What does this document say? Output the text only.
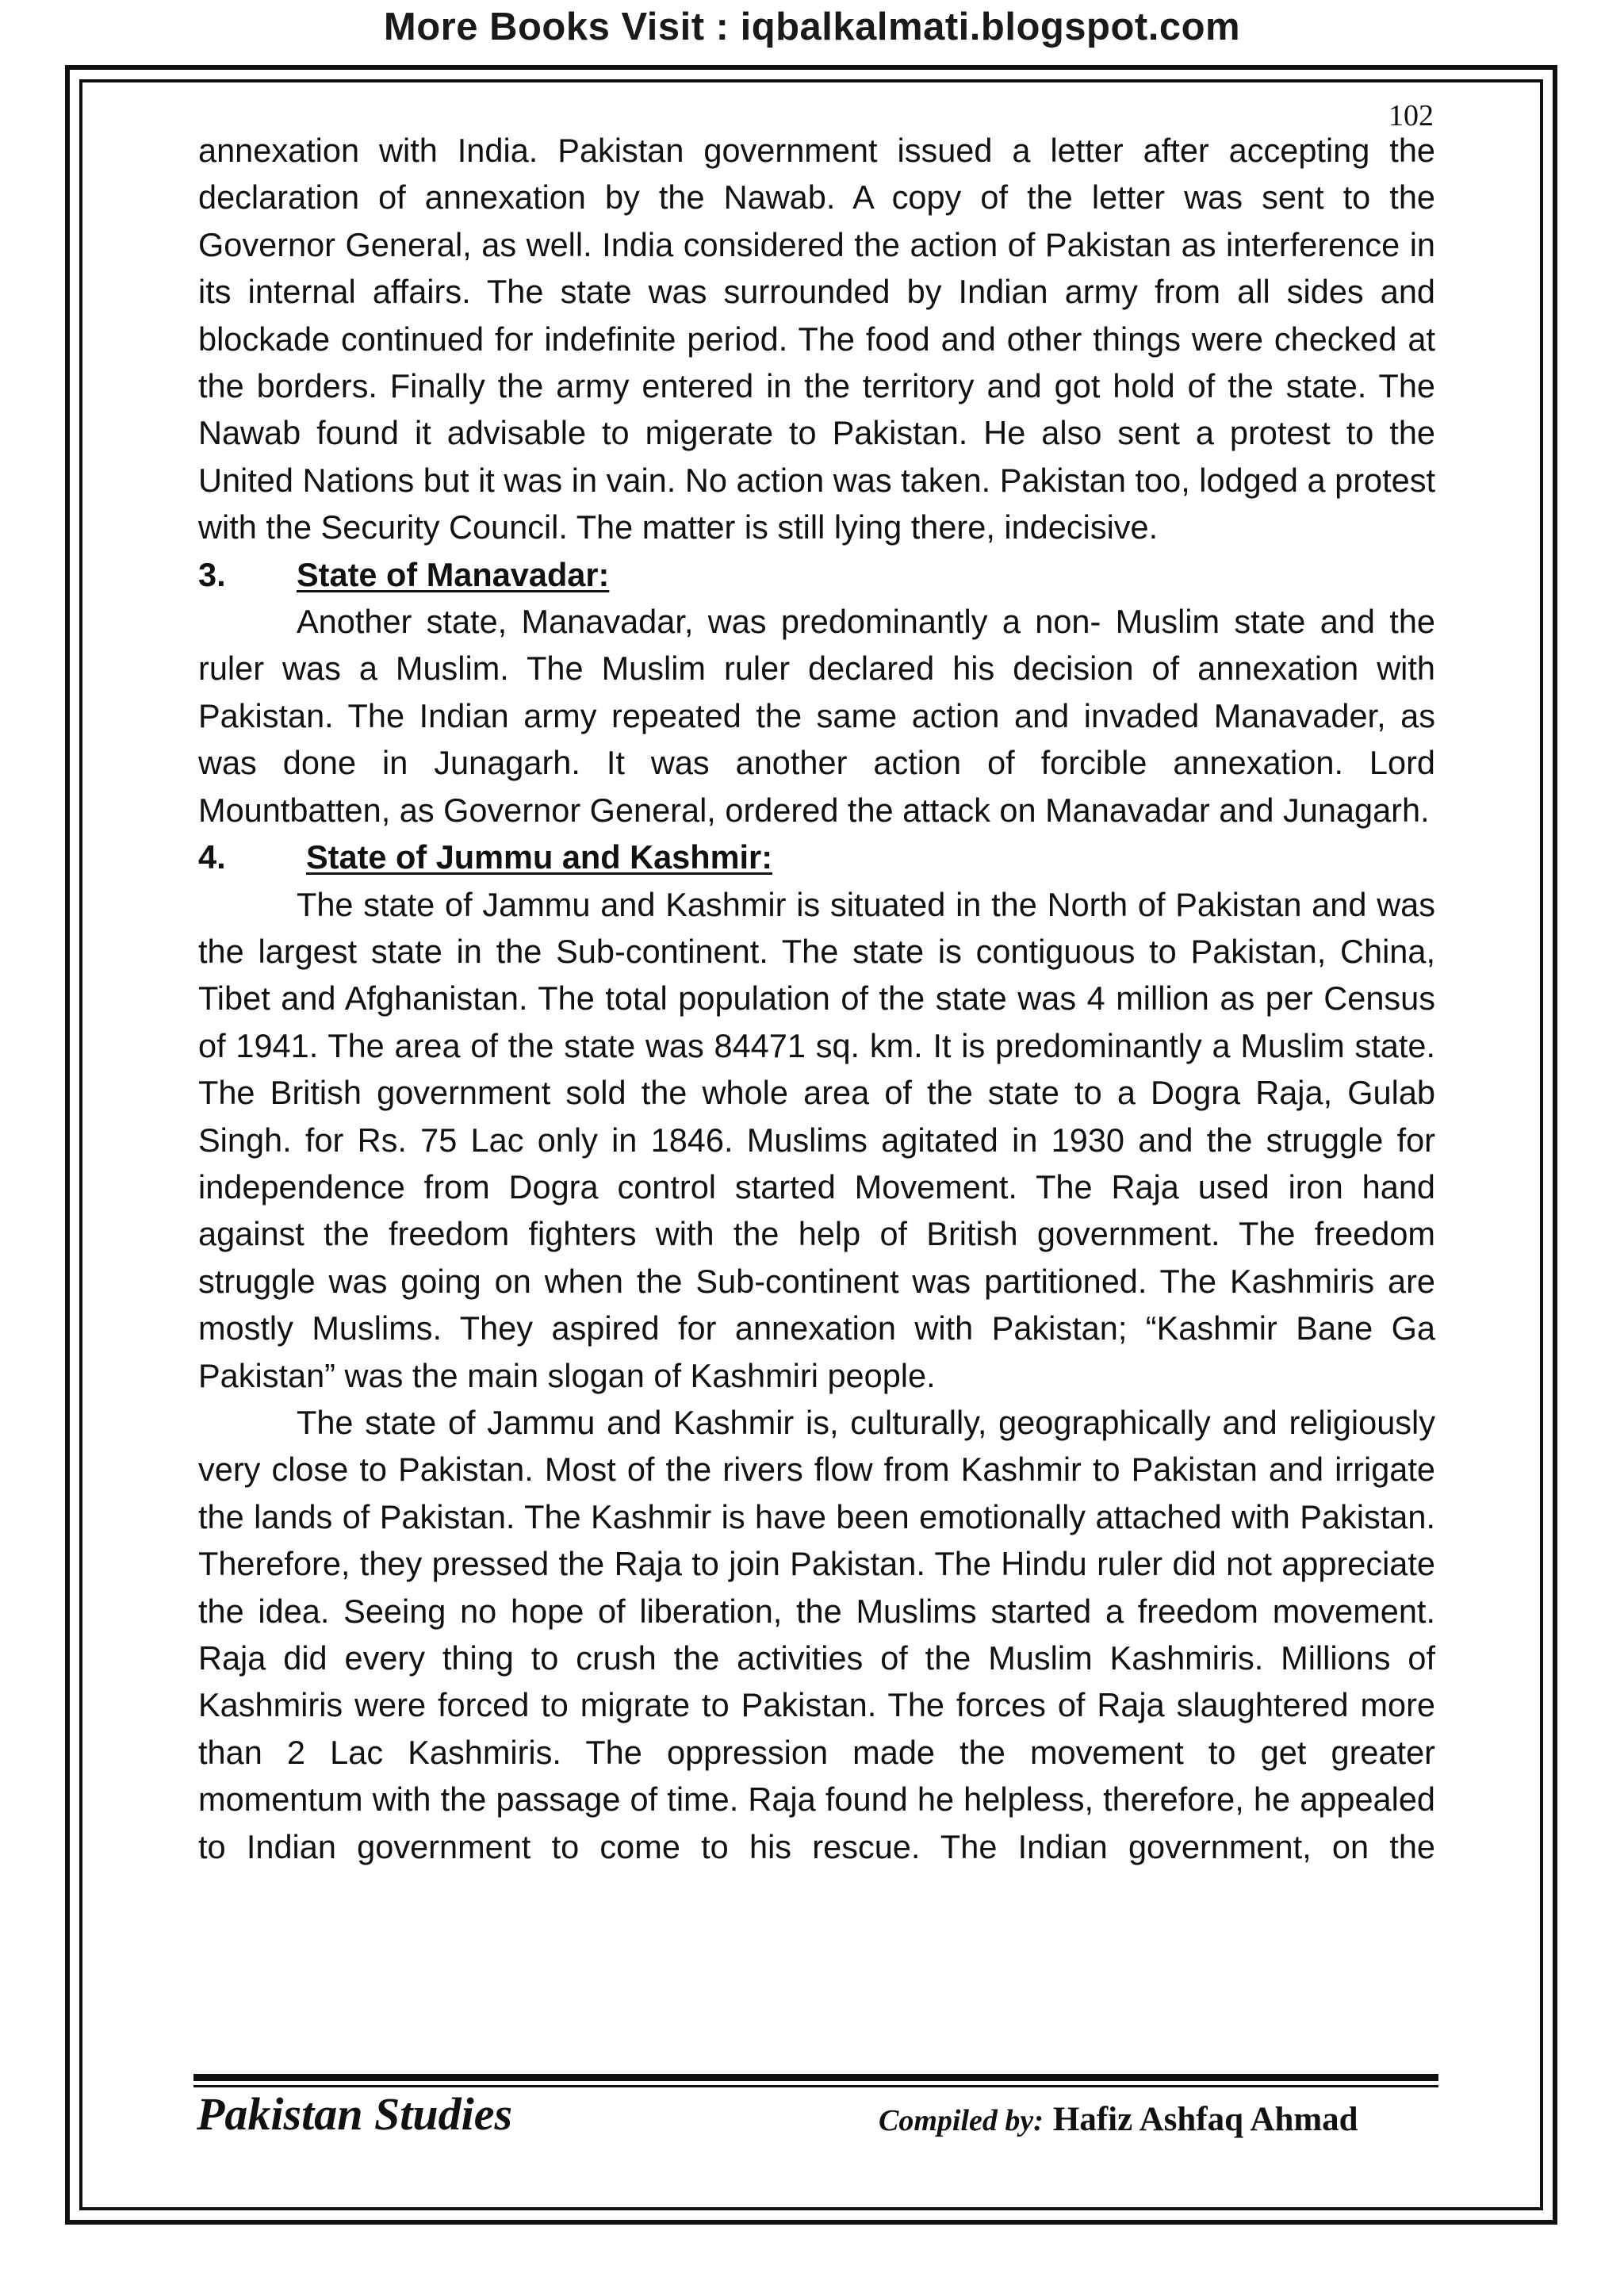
More Books Visit : iqbalkalmati.blogspot.com
102

annexation with India. Pakistan government issued a letter after accepting the declaration of annexation by the Nawab. A copy of the letter was sent to the Governor General, as well. India considered the action of Pakistan as interference in its internal affairs. The state was surrounded by Indian army from all sides and blockade continued for indefinite period. The food and other things were checked at the borders. Finally the army entered in the territory and got hold of the state. The Nawab found it advisable to migerate to Pakistan. He also sent a protest to the United Nations but it was in vain. No action was taken. Pakistan too, lodged a protest with the Security Council. The matter is still lying there, indecisive.

3.	State of Manavadar:

Another state, Manavadar, was predominantly a non- Muslim state and the ruler was a Muslim. The Muslim ruler declared his decision of annexation with Pakistan. The Indian army repeated the same action and invaded Manavader, as was done in Junagarh. It was another action of forcible annexation. Lord Mountbatten, as Governor General, ordered the attack on Manavadar and Junagarh.

4.	State of Jummu and Kashmir:

The state of Jammu and Kashmir is situated in the North of Pakistan and was the largest state in the Sub-continent. The state is contiguous to Pakistan, China, Tibet and Afghanistan. The total population of the state was 4 million as per Census of 1941. The area of the state was 84471 sq. km. It is predominantly a Muslim state. The British government sold the whole area of the state to a Dogra Raja, Gulab Singh. for Rs. 75 Lac only in 1846. Muslims agitated in 1930 and the struggle for independence from Dogra control started Movement. The Raja used iron hand against the freedom fighters with the help of British government. The freedom struggle was going on when the Sub-continent was partitioned. The Kashmiris are mostly Muslims. They aspired for annexation with Pakistan; “Kashmir Bane Ga Pakistan” was the main slogan of Kashmiri people.

The state of Jammu and Kashmir is, culturally, geographically and religiously very close to Pakistan. Most of the rivers flow from Kashmir to Pakistan and irrigate the lands of Pakistan. The Kashmir is have been emotionally attached with Pakistan. Therefore, they pressed the Raja to join Pakistan. The Hindu ruler did not appreciate the idea. Seeing no hope of liberation, the Muslims started a freedom movement. Raja did every thing to crush the activities of the Muslim Kashmiris. Millions of Kashmiris were forced to migrate to Pakistan. The forces of Raja slaughtered more than 2 Lac Kashmiris. The oppression made the movement to get greater momentum with the passage of time. Raja found he helpless, therefore, he appealed to Indian government to come to his rescue. The Indian government, on the

Pakistan Studies	Compiled by: Hafiz Ashfaq Ahmad
